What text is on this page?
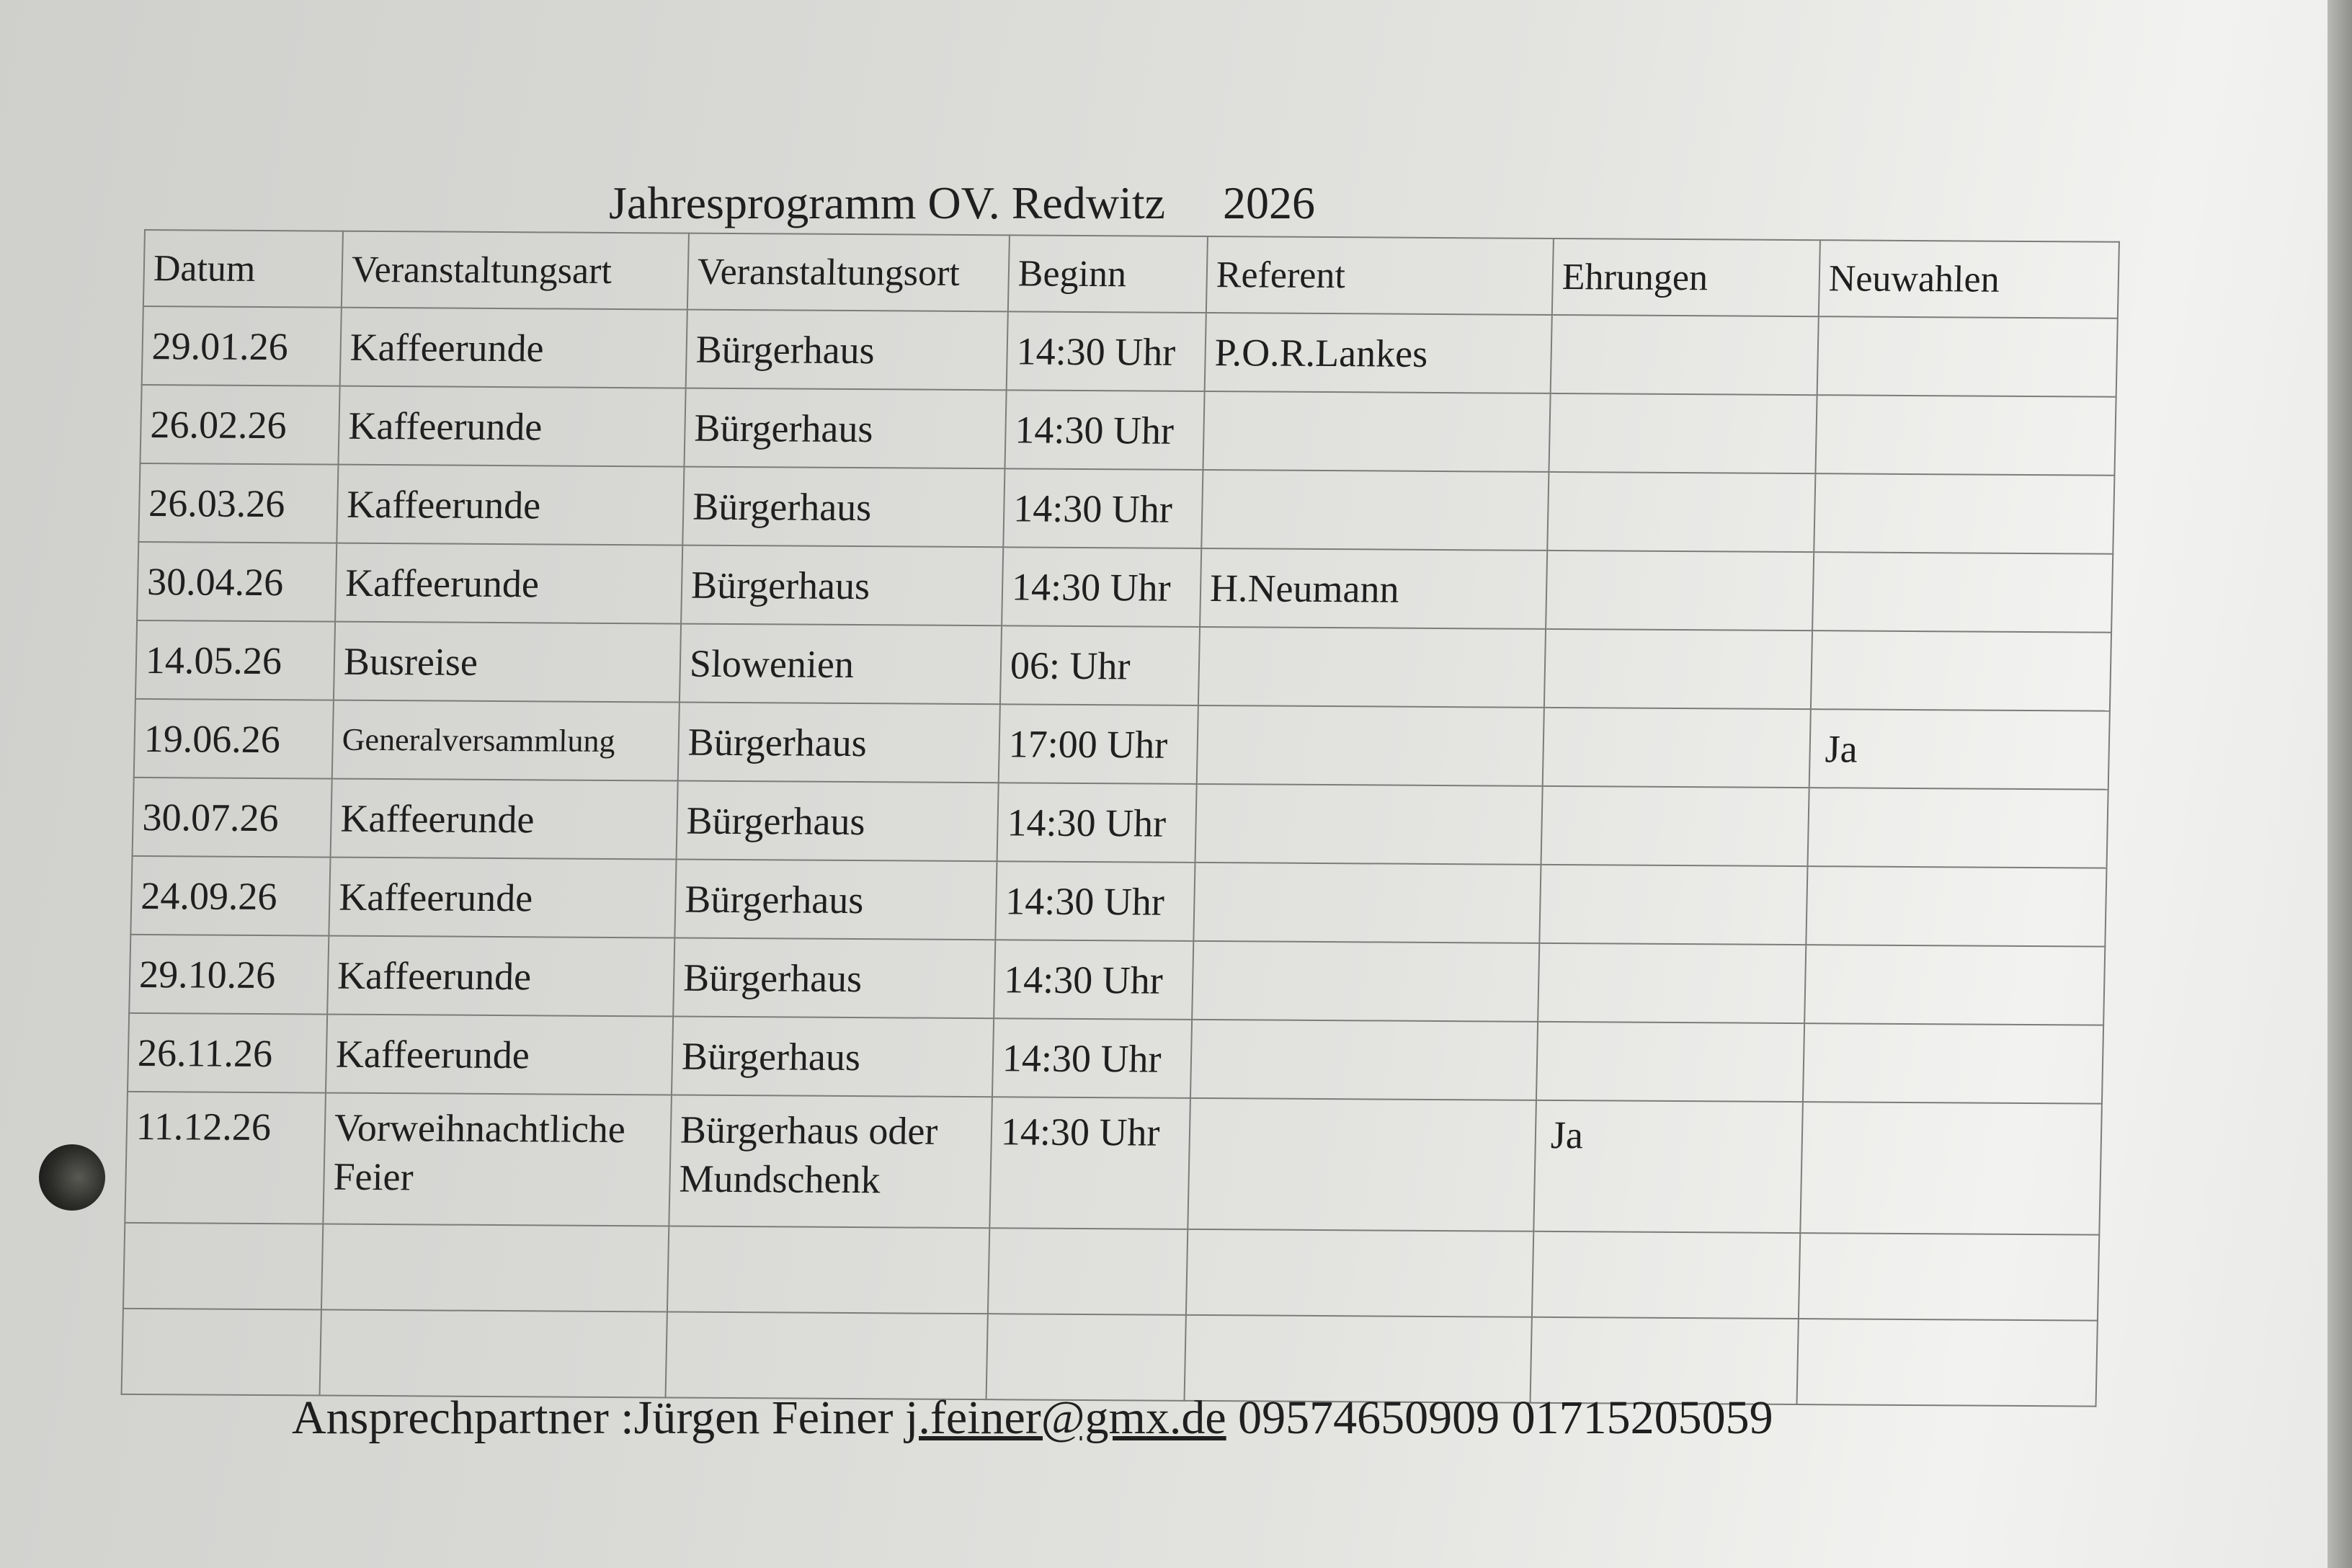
Jahresprogramm OV. Redwitz 2026
Datum	Veranstaltungsart	Veranstaltungsort	Beginn	Referent	Ehrungen	Neuwahlen
29.01.26	Kaffeerunde	Bürgerhaus	14:30 Uhr	P.O.R.Lankes		
26.02.26	Kaffeerunde	Bürgerhaus	14:30 Uhr			
26.03.26	Kaffeerunde	Bürgerhaus	14:30 Uhr			
30.04.26	Kaffeerunde	Bürgerhaus	14:30 Uhr	H.Neumann		
14.05.26	Busreise	Slowenien	06: Uhr			
19.06.26	Generalversammlung	Bürgerhaus	17:00 Uhr			Ja
30.07.26	Kaffeerunde	Bürgerhaus	14:30 Uhr			
24.09.26	Kaffeerunde	Bürgerhaus	14:30 Uhr			
29.10.26	Kaffeerunde	Bürgerhaus	14:30 Uhr			
26.11.26	Kaffeerunde	Bürgerhaus	14:30 Uhr			
11.12.26	Vorweihnachtliche Feier	Bürgerhaus oder Mundschenk	14:30 Uhr		Ja	

Ansprechpartner :Jürgen Feiner j.feiner@gmx.de 09574650909 01715205059
